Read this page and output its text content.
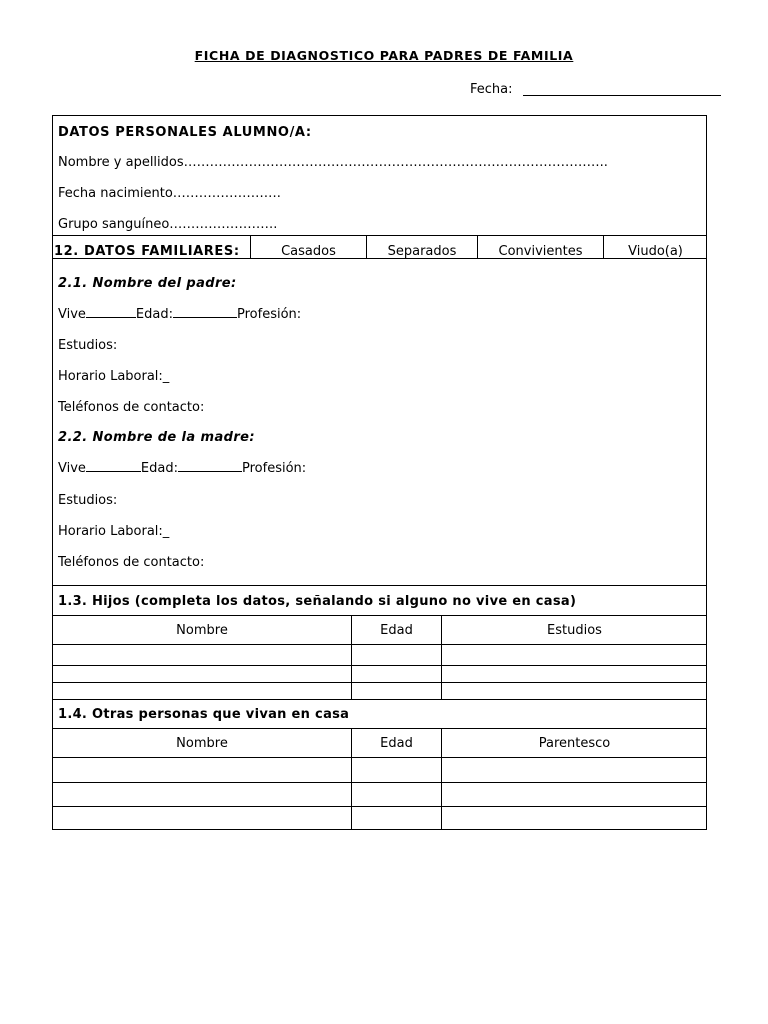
FICHA DE DIAGNOSTICO PARA PADRES DE FAMILIA
Fecha:
DATOS PERSONALES ALUMNO/A:
Nombre y apellidos……………………………………………………………………………………..
Fecha nacimiento…………………….
Grupo sanguíneo…………………….
12. DATOS FAMILIARES:	Casados	Separados	Convivientes	Viudo(a)
2.1. Nombre del padre:
Vive	Edad:	Profesión:
Estudios:
Horario Laboral:_
Teléfonos de contacto:
2.2. Nombre de la madre:
Vive	Edad:	Profesión:
Estudios:
Horario Laboral:_
Teléfonos de contacto:
1.3. Hijos (completa los datos, señalando si alguno no vive en casa)
Nombre	Edad	Estudios
1.4. Otras personas que vivan en casa
Nombre	Edad	Parentesco
